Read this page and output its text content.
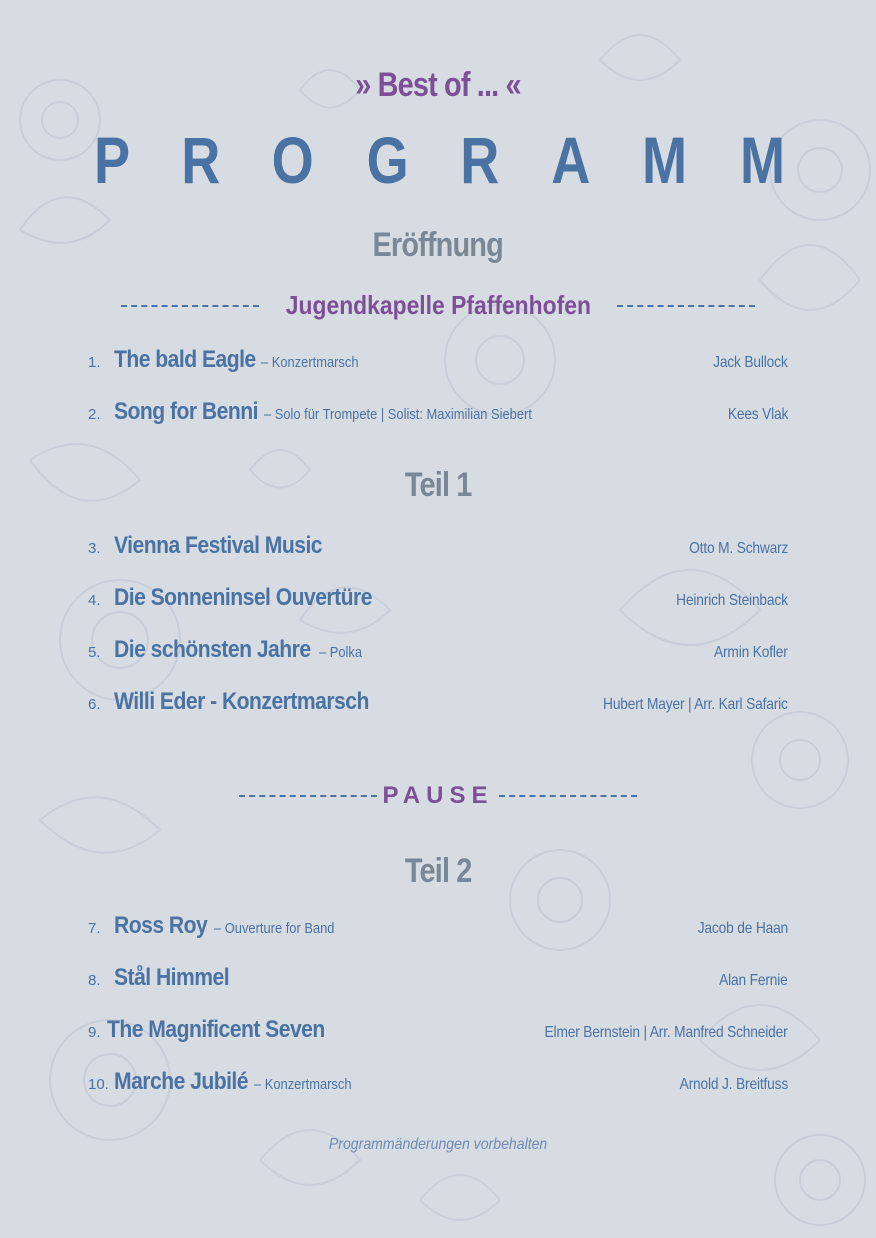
» Best of ... «
P R O G R A M M
Eröffnung
Jugendkapelle Pfaffenhofen
1. The bald Eagle – Konzertmarsch	Jack Bullock
2. Song for Benni – Solo für Trompete | Solist: Maximilian Siebert	Kees Vlak
Teil 1
3. Vienna Festival Music	Otto M. Schwarz
4. Die Sonneninsel Ouvertüre	Heinrich Steinback
5. Die schönsten Jahre – Polka	Armin Kofler
6. Willi Eder - Konzertmarsch	Hubert Mayer | Arr. Karl Safaric
PAUSE
Teil 2
7. Ross Roy – Ouverture for Band	Jacob de Haan
8. Stål Himmel	Alan Fernie
9. The Magnificent Seven	Elmer Bernstein | Arr. Manfred Schneider
10. Marche Jubilé – Konzertmarsch	Arnold J. Breitfuss
Programmänderungen vorbehalten
